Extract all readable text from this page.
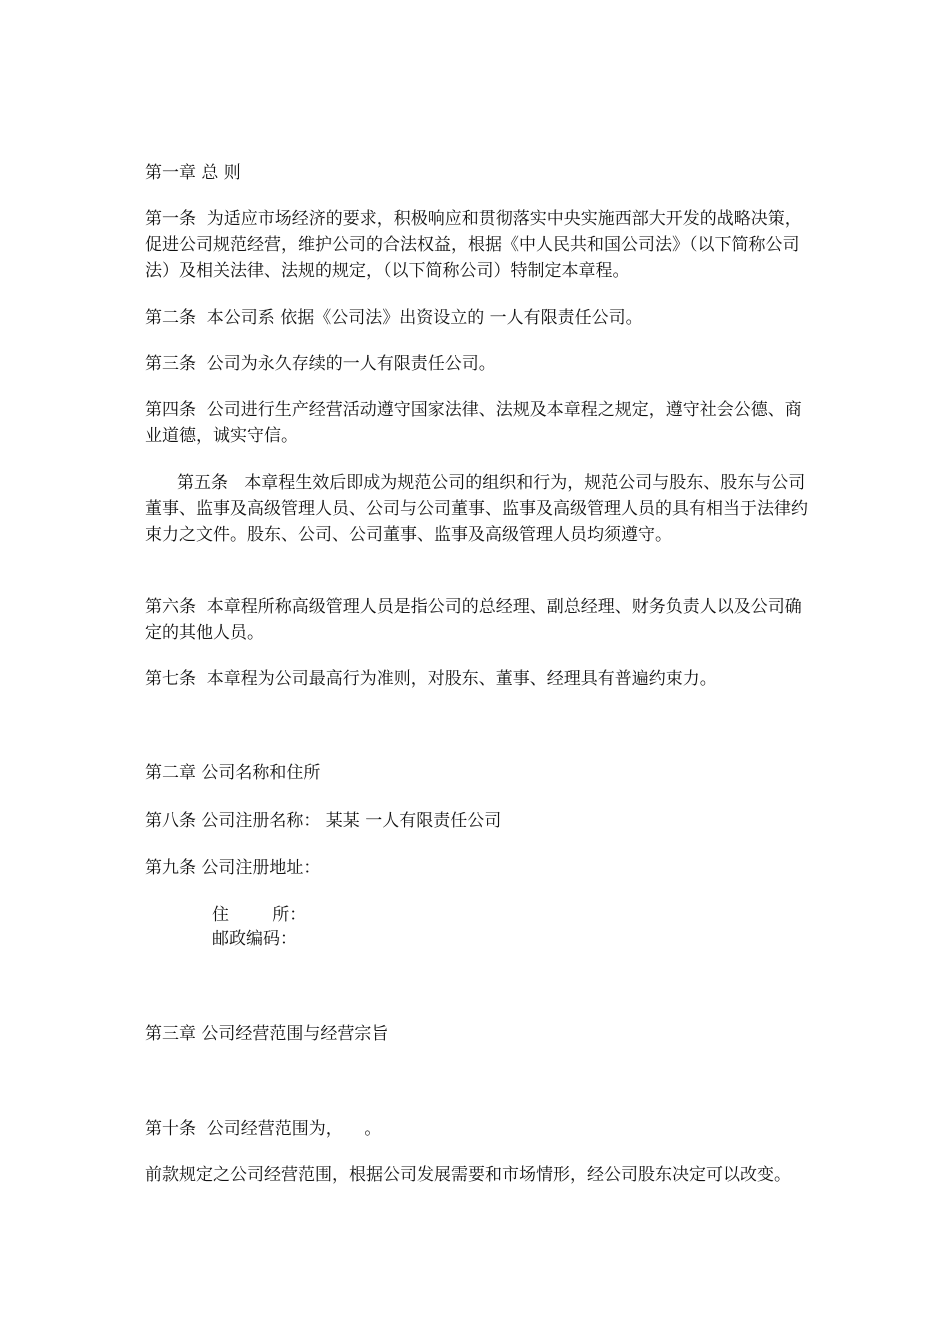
第一章 总 则
第一条  为适应市场经济的要求，积极响应和贯彻落实中央实施西部大开发的战略决策，促进公司规范经营，维护公司的合法权益，根据《中人民共和国公司法》（以下简称公司法）及相关法律、法规的规定，（以下简称公司）特制定本章程。
第二条  本公司系 依据《公司法》出资设立的 一人有限责任公司。
第三条  公司为永久存续的一人有限责任公司。
第四条  公司进行生产经营活动遵守国家法律、法规及本章程之规定，遵守社会公德、商业道德，诚实守信。
第五条   本章程生效后即成为规范公司的组织和行为，规范公司与股东、股东与公司董事、监事及高级管理人员、公司与公司董事、监事及高级管理人员的具有相当于法律约束力之文件。股东、公司、公司董事、监事及高级管理人员均须遵守。
第六条  本章程所称高级管理人员是指公司的总经理、副总经理、财务负责人以及公司确定的其他人员。
第七条  本章程为公司最高行为准则，对股东、董事、经理具有普遍约束力。
第二章 公司名称和住所
第八条 公司注册名称： 某某 一人有限责任公司
第九条 公司注册地址：
住        所：
邮政编码：
第三章 公司经营范围与经营宗旨
第十条  公司经营范围为，    。
前款规定之公司经营范围，根据公司发展需要和市场情形，经公司股东决定可以改变。
